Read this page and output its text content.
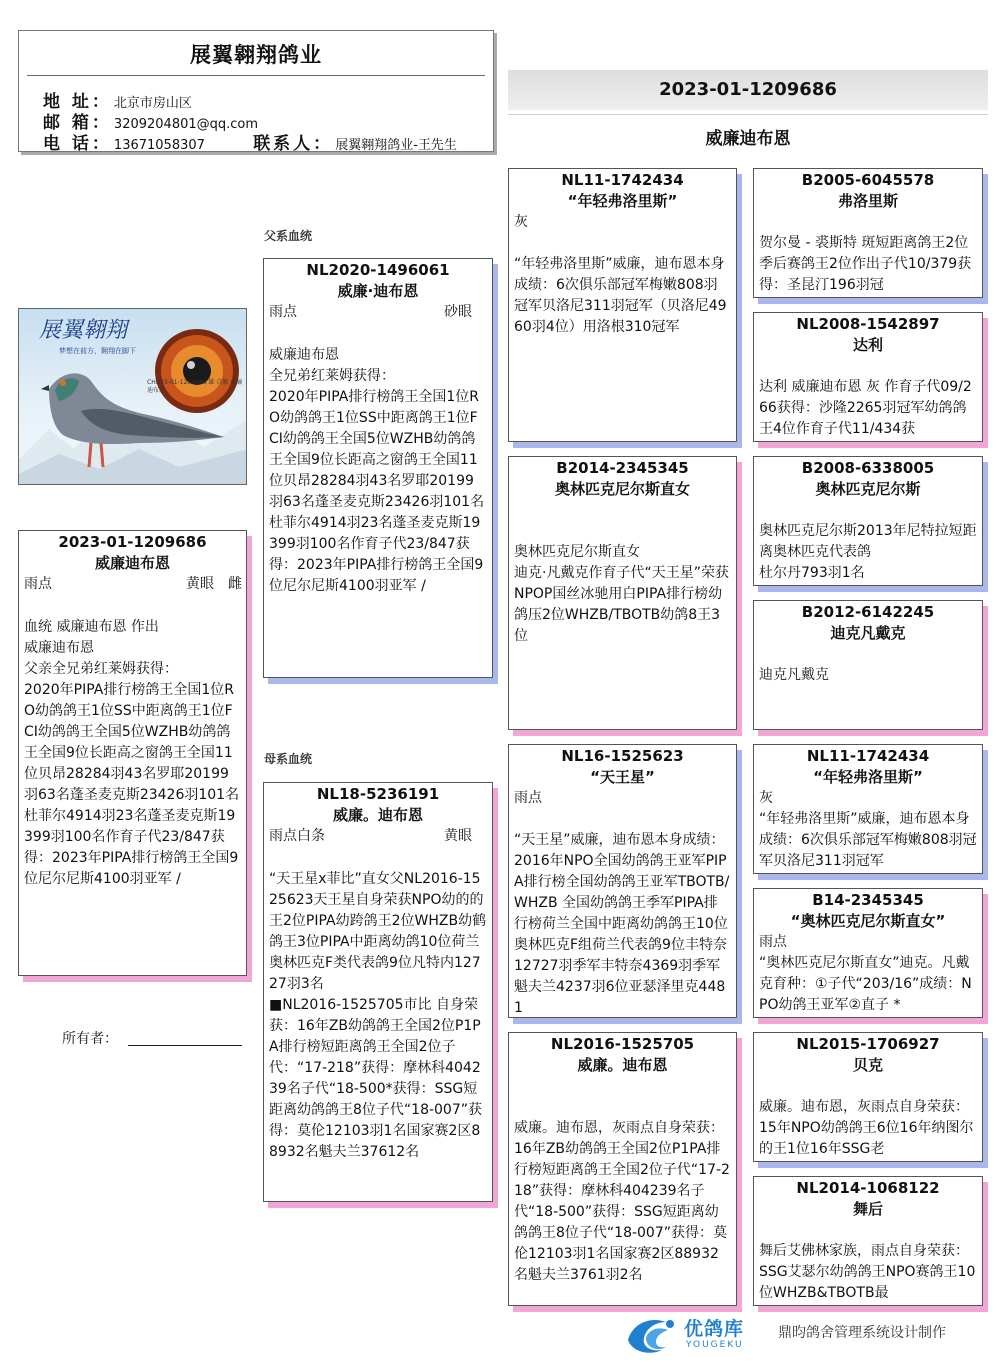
展翼翱翔鸽业
地 址： 北京市房山区
邮 箱： 3209204801@qq.com
电 话： 13671058307	联系人： 展翼翱翔鸽业-王先生
2023-01-1209686
威廉迪布恩
展翼翱翔
梦想在前方，翱翔在脚下
CHN23-01-1209686 雄 自繁 威廉迪布恩
父系血统
母系血统
2023-01-1209686
威廉迪布恩
雨点	黄眼 雌

血统 威廉迪布恩 作出
威廉迪布恩
父亲全兄弟红莱姆获得：
2020年PIPA排行榜鸽王全国1位RO幼鸽鸽王1位SS中距离鸽王1位FCI幼鸽鸽王全国5位WZHB幼鸽鸽王全国9位长距高之窗鸽王全国11位贝昂28284羽43名罗耶20199羽63名蓬圣麦克斯23426羽101名杜菲尔4914羽23名蓬圣麦克斯19399羽100名作育子代23/847获得：2023年PIPA排行榜鸽王全国9位尼尔尼斯4100羽亚军 /
所有者：
NL2020-1496061
威廉·迪布恩
雨点	砂眼

威廉迪布恩
全兄弟红莱姆获得：
2020年PIPA排行榜鸽王全国1位RO幼鸽鸽王1位SS中距离鸽王1位FCI幼鸽鸽王全国5位WZHB幼鸽鸽王全国9位长距高之窗鸽王全国11位贝昂28284羽43名罗耶20199羽63名蓬圣麦克斯23426羽101名杜菲尔4914羽23名蓬圣麦克斯19399羽100名作育子代23/847获得：2023年PIPA排行榜鸽王全国9位尼尔尼斯4100羽亚军 /
NL18-5236191
威廉。迪布恩
雨点白条	黄眼

“天王星x菲比”直女父NL2016-1525623天王星自身荣获NPO幼的的王2位PIPA幼跨鸽王2位WHZB幼鹤鸽王3位PIPA中距离幼鸽10位荷兰奥林匹克F类代表鸽9位凡特内12727羽3名
■NL2016-1525705市比 自身荣获：16年ZB幼鸽鸽王全国2位P1PA排行榜短距离鸽王全国2位子代：“17-218”获得：摩林科404239名子代“18-500*获得：SSG短距离幼鸽鸽王8位子代“18-007”获得：莫伦12103羽1名国家赛2区88932名魁夫兰37612名
NL11-1742434
“年轻弗洛里斯”
灰

“年轻弗洛里斯”威廉，迪布恩本身成绩：6次俱乐部冠军梅嫩808羽冠军贝洛尼311羽冠军（贝洛尼4960羽4位）用洛根310冠军
B2014-2345345
奥林匹克尼尔斯直女

奥林匹克尼尔斯直女
迪克·凡戴克作育子代“天王星”荣获
NPOP国丝冰驰用白PIPA排行榜幼鸽压2位WHZB/TBOTB幼鸽8王3位
NL16-1525623
“天王星”
雨点

“天王星”威廉，迪布恩本身成绩：2016年NPO全国幼鸽鸽王亚军PIPA排行榜全国幼鸽鸽王亚军TBOTB/WHZB 全国幼鸽鸽王季军PIPA排行榜荷兰全国中距离幼鸽鸽王10位奥林匹克F组荷兰代表鸽9位丰特奈 12727羽季军丰特奈4369羽季军魁夫兰4237羽6位亚瑟泽里克4481
NL2016-1525705
威廉。迪布恩

威廉。迪布恩，灰雨点自身荣获：16年ZB幼鸽鸽王全国2位P1PA排行榜短距离鸽王全国2位子代“17-218”获得：摩林科404239名子代“18-500”获得：SSG短距离幼鸽鸽王8位子代“18-007”获得：莫伦12103羽1名国家赛2区88932名魁夫兰3761羽2名
B2005-6045578
弗洛里斯
贺尔曼 - 裘斯特 斑短距离鸽王2位季后赛鸽王2位作出子代10/379获得：圣昆汀196羽冠
NL2008-1542897
达利
达利 威廉迪布恩 灰 作育子代09/266获得：沙隆2265羽冠军幼鸽鸽王4位作育子代11/434获
B2008-6338005
奥林匹克尼尔斯
奥林匹克尼尔斯2013年尼特拉短距离奥林匹克代表鸽
杜尔丹793羽1名
B2012-6142245
迪克凡戴克
迪克凡戴克
NL11-1742434
“年轻弗洛里斯”
灰
“年轻弗洛里斯”威廉，迪布恩本身成绩：6次俱乐部冠军梅嫩808羽冠军贝洛尼311羽冠军
B14-2345345
“奥林匹克尼尔斯直女”
雨点
“奥林匹克尼尔斯直女”迪克。凡戴克育种：①子代“203/16”成绩：NPO幼鸽王亚军②直子 *
NL2015-1706927
贝克
威廉。迪布恩，灰雨点自身荣获：15年NPO幼鸽鸽王6位16年纳图尔的王1位16年SSG老
NL2014-1068122
舞后
舞后艾佛林家族，雨点自身荣获：SSG艾瑟尔幼鸽鸽王NPO赛鸽王10位WHZB&TBOTB最
优鸽库
YOUGEKU
鼎昀鸽舍管理系统设计制作
